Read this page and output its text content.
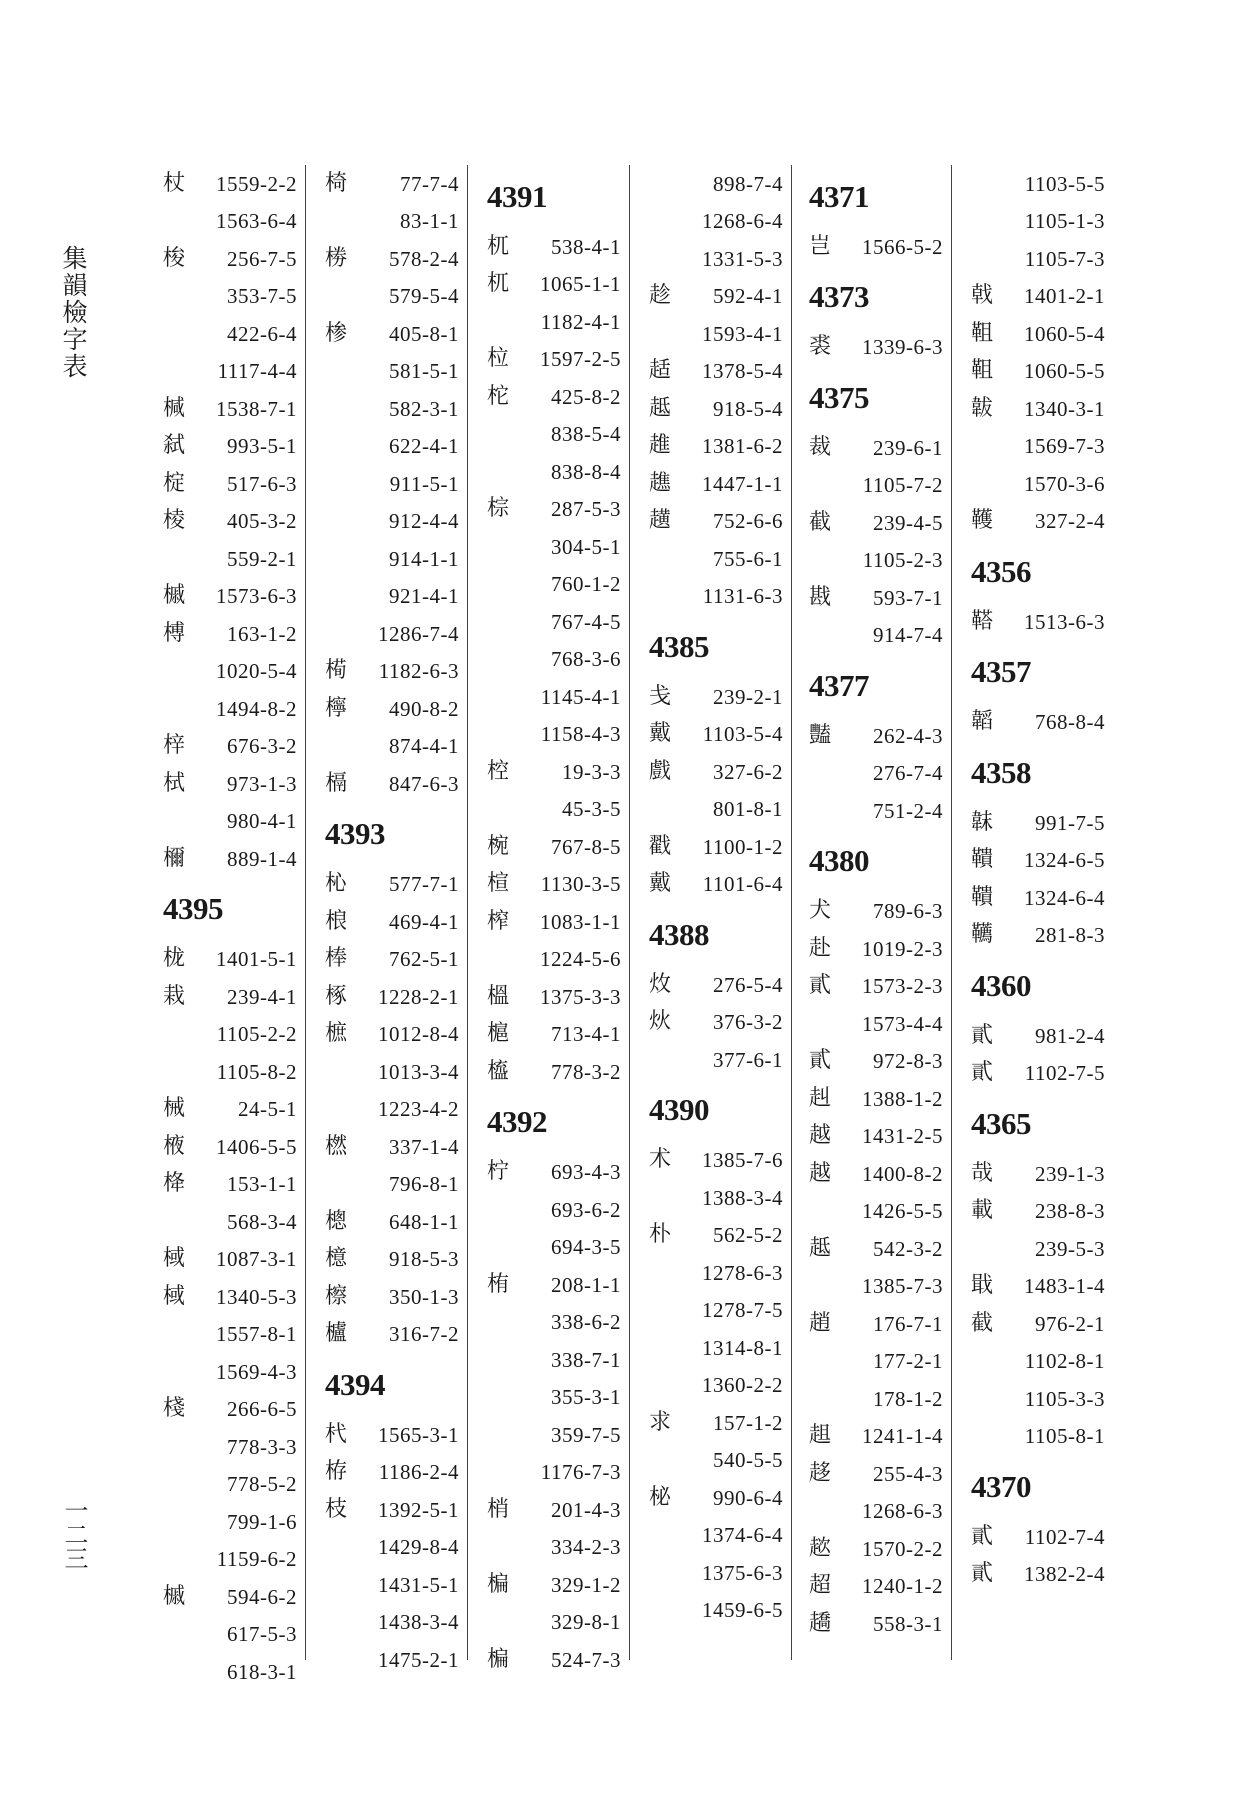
集韻檢字表
一二三
杖	1559-2-2
1563-6-4
梭	256-7-5
353-7-5
422-6-4
1117-4-4
椷	1538-7-1
弑	993-5-1
椗	517-6-3
棱	405-3-2
559-2-1
槭	1573-6-3
榑	163-1-2
1020-5-4
1494-8-2
梓	676-3-2
栻	973-1-3
980-4-1
檷	889-1-4
4395
栊	1401-5-1
栽	239-4-1
1105-2-2
1105-8-2
械	24-5-1
棭	1406-5-5
栙	153-1-1
568-3-4
棫	1087-3-1
棫	1340-5-3
1557-8-1
1569-4-3
棧	266-6-5
778-3-3
778-5-2
799-1-6
1159-6-2
槭	594-6-2
617-5-3
618-3-1
椅	77-7-4
83-1-1
椦	578-2-4
579-5-4
椮	405-8-1
581-5-1
582-3-1
622-4-1
911-5-1
912-4-4
914-1-1
921-4-1
1286-7-4
槆	1182-6-3
檸	490-8-2
874-4-1
槅	847-6-3
4393
杺	577-7-1
桹	469-4-1
棒	762-5-1
椓	1228-2-1
樜	1012-8-4
1013-3-4
1223-4-2
橪	337-1-4
796-8-1
樬	648-1-1
檍	918-5-3
檫	350-1-3
櫨	316-7-2
4394
杙	1565-3-1
栫	1186-2-4
枝	1392-5-1
1429-8-4
1431-5-1
1438-3-4
1475-2-1
4391
杌	538-4-1
杌	1065-1-1
1182-4-1
柆	1597-2-5
柁	425-8-2
838-5-4
838-8-4
棕	287-5-3
304-5-1
760-1-2
767-4-5
768-3-6
1145-4-1
1158-4-3
椌	19-3-3
45-3-5
椀	767-8-5
楦	1130-3-5
榨	1083-1-1
1224-5-6
榲	1375-3-3
槴	713-4-1
橀	778-3-2
4392
柠	693-4-3
693-6-2
694-3-5
栯	208-1-1
338-6-2
338-7-1
355-3-1
359-7-5
1176-7-3
梢	201-4-3
334-2-3
楄	329-1-2
329-8-1
楄	524-7-3
898-7-4
1268-6-4
1331-5-3
趁	592-4-1
1593-4-1
趏	1378-5-4
趆	918-5-4
趡	1381-6-2
趭	1447-1-1
趪	752-6-6
755-6-1
1131-6-3
4385
戋	239-2-1
戴	1103-5-4
戲	327-6-2
801-8-1
戳	1100-1-2
戴	1101-6-4
4388
炇	276-5-4
炏	376-3-2
377-6-1
4390
术	1385-7-6
1388-3-4
朴	562-5-2
1278-6-3
1278-7-5
1314-8-1
1360-2-2
求	157-1-2
540-5-5
柲	990-6-4
1374-6-4
1375-6-3
1459-6-5
4371
岂	1566-5-2
4373
裘	1339-6-3
4375
裁	239-6-1
1105-7-2
截	239-4-5
1105-2-3
戡	593-7-1
914-7-4
4377
豔	262-4-3
276-7-4
751-2-4
4380
犬	789-6-3
赴	1019-2-3
貳	1573-2-3
1573-4-4
貳	972-8-3
赳	1388-1-2
越	1431-2-5
越	1400-8-2
1426-5-5
趆	542-3-2
1385-7-3
趙	176-7-1
177-2-1
178-1-2
趄	1241-1-4
趍	255-4-3
1268-6-3
趑	1570-2-2
超	1240-1-2
趫	558-3-1
1103-5-5
1105-1-3
1105-7-3
戟	1401-2-1
靻	1060-5-4
靻	1060-5-5
韍	1340-3-1
1569-7-3
1570-3-6
韄	327-2-4
4356
鞳	1513-6-3
4357
韜	768-8-4
4358
韎	991-7-5
鞼	1324-6-5
鞼	1324-6-4
韉	281-8-3
4360
貳	981-2-4
貳	1102-7-5
4365
哉	239-1-3
載	238-8-3
239-5-3
戢	1483-1-4
截	976-2-1
1102-8-1
1105-3-3
1105-8-1
4370
貳	1102-7-4
貳	1382-2-4
